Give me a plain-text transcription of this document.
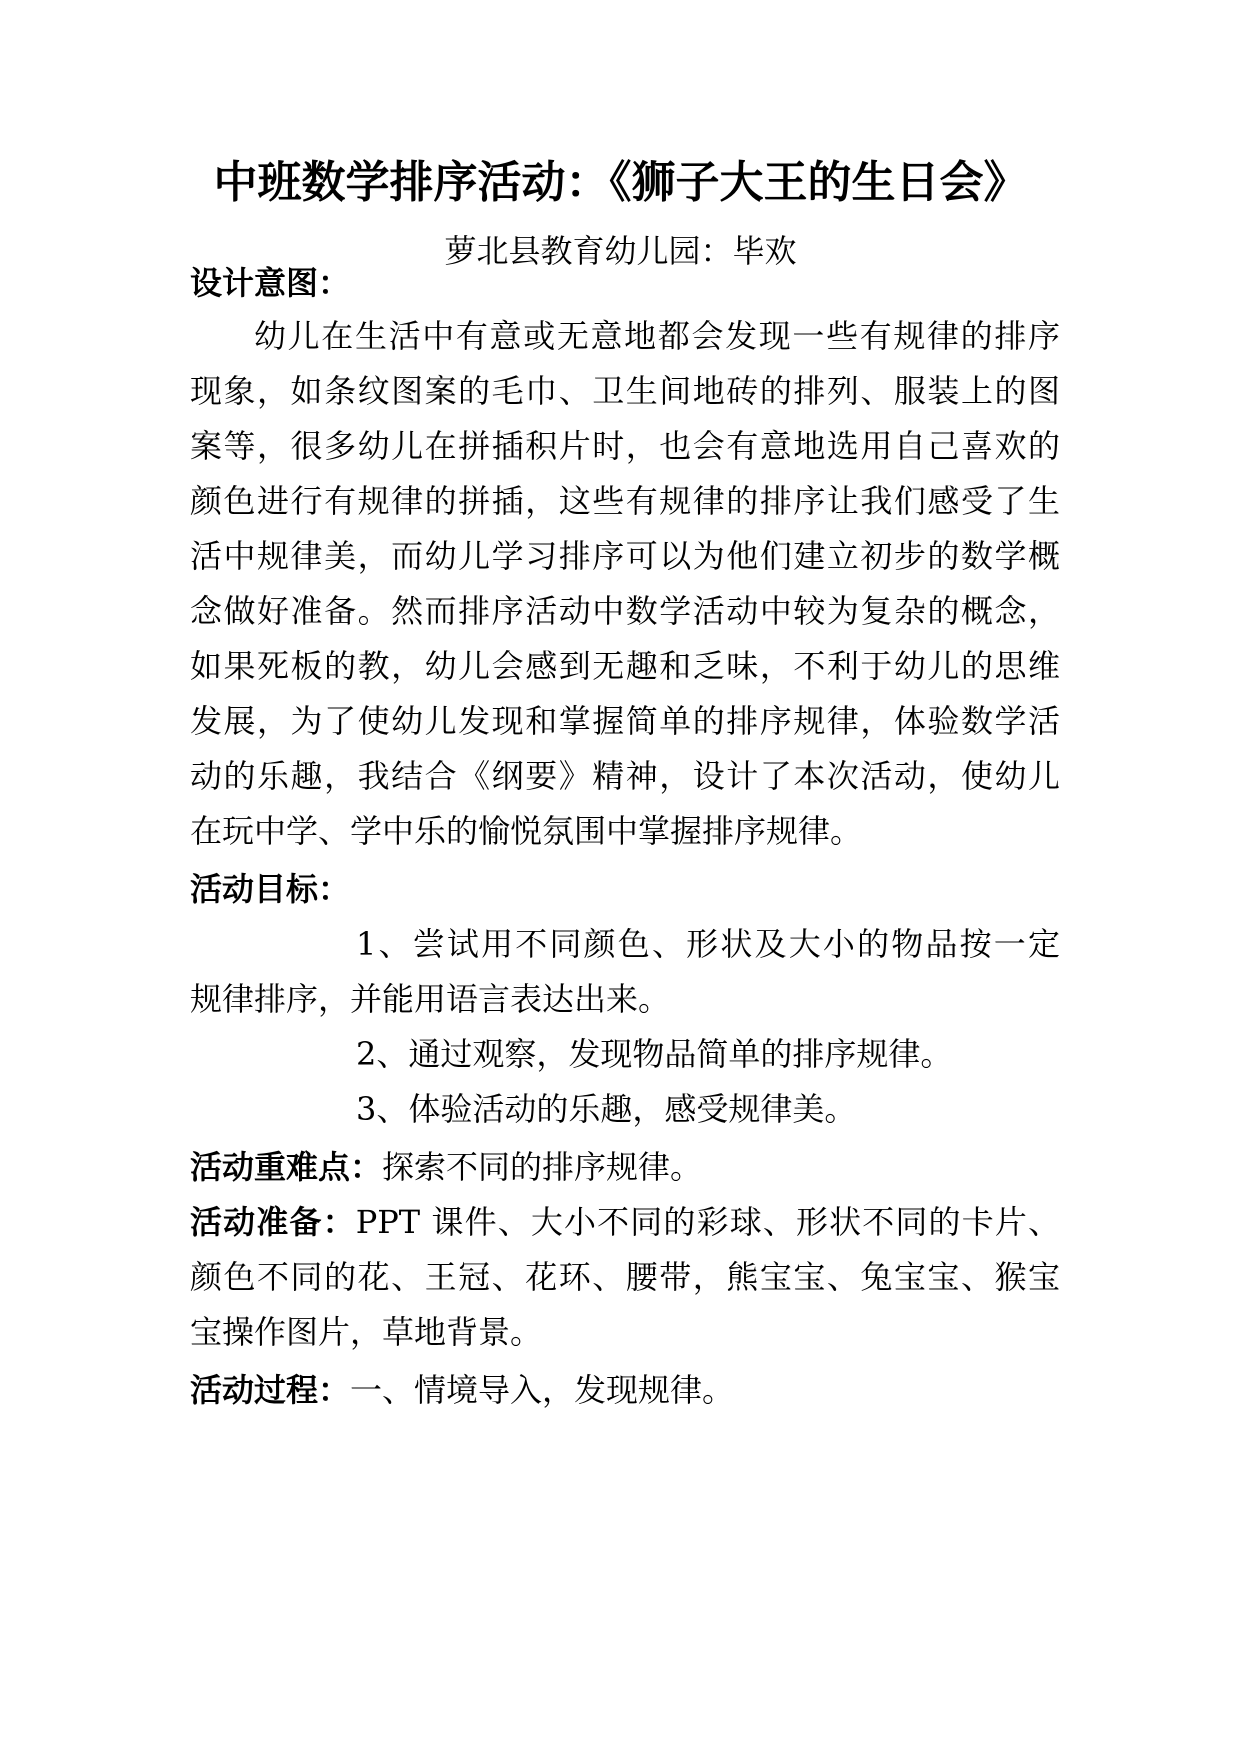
中班数学排序活动：《狮子大王的生日会》
萝北县教育幼儿园：毕欢
设计意图：
幼儿在生活中有意或无意地都会发现一些有规律的排序
现象，如条纹图案的毛巾、卫生间地砖的排列、服装上的图
案等，很多幼儿在拼插积片时，也会有意地选用自己喜欢的
颜色进行有规律的拼插，这些有规律的排序让我们感受了生
活中规律美，而幼儿学习排序可以为他们建立初步的数学概
念做好准备。然而排序活动中数学活动中较为复杂的概念，
如果死板的教，幼儿会感到无趣和乏味，不利于幼儿的思维
发展，为了使幼儿发现和掌握简单的排序规律，体验数学活
动的乐趣，我结合《纲要》精神，设计了本次活动，使幼儿
在玩中学、学中乐的愉悦氛围中掌握排序规律。
活动目标：
1、尝试用不同颜色、形状及大小的物品按一定
规律排序，并能用语言表达出来。
2、通过观察，发现物品简单的排序规律。
3、体验活动的乐趣，感受规律美。
活动重难点：探索不同的排序规律。
活动准备：PPT 课件、大小不同的彩球、形状不同的卡片、
颜色不同的花、王冠、花环、腰带，熊宝宝、兔宝宝、猴宝
宝操作图片，草地背景。
活动过程：一、情境导入，发现规律。
